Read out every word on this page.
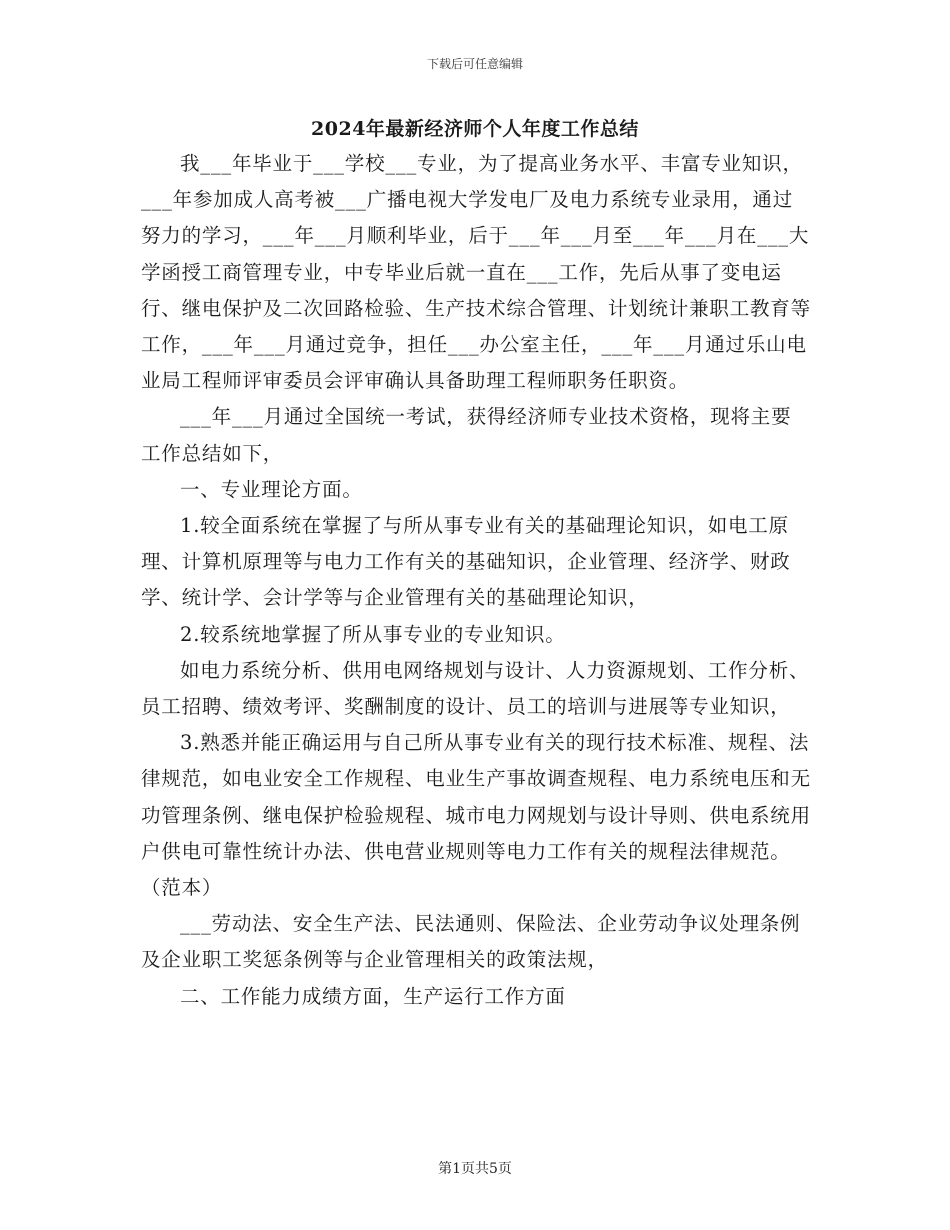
下载后可任意编辑
2024年最新经济师个人年度工作总结

我___年毕业于___学校___专业，为了提高业务水平、丰富专业知识，___年参加成人高考被___广播电视大学发电厂及电力系统专业录用，通过努力的学习，___年___月顺利毕业，后于___年___月至___年___月在___大学函授工商管理专业，中专毕业后就一直在___工作，先后从事了变电运行、继电保护及二次回路检验、生产技术综合管理、计划统计兼职工教育等工作，___年___月通过竞争，担任___办公室主任，___年___月通过乐山电业局工程师评审委员会评审确认具备助理工程师职务任职资。

___年___月通过全国统一考试，获得经济师专业技术资格，现将主要工作总结如下，

一、专业理论方面。

1.较全面系统在掌握了与所从事专业有关的基础理论知识，如电工原理、计算机原理等与电力工作有关的基础知识，企业管理、经济学、财政学、统计学、会计学等与企业管理有关的基础理论知识，

2.较系统地掌握了所从事专业的专业知识。

如电力系统分析、供用电网络规划与设计、人力资源规划、工作分析、员工招聘、绩效考评、奖酬制度的设计、员工的培训与进展等专业知识，

3.熟悉并能正确运用与自己所从事专业有关的现行技术标准、规程、法律规范，如电业安全工作规程、电业生产事故调查规程、电力系统电压和无功管理条例、继电保护检验规程、城市电力网规划与设计导则、供电系统用户供电可靠性统计办法、供电营业规则等电力工作有关的规程法律规范。（范本）

___劳动法、安全生产法、民法通则、保险法、企业劳动争议处理条例及企业职工奖惩条例等与企业管理相关的政策法规，

二、工作能力成绩方面，生产运行工作方面

第1页共5页
